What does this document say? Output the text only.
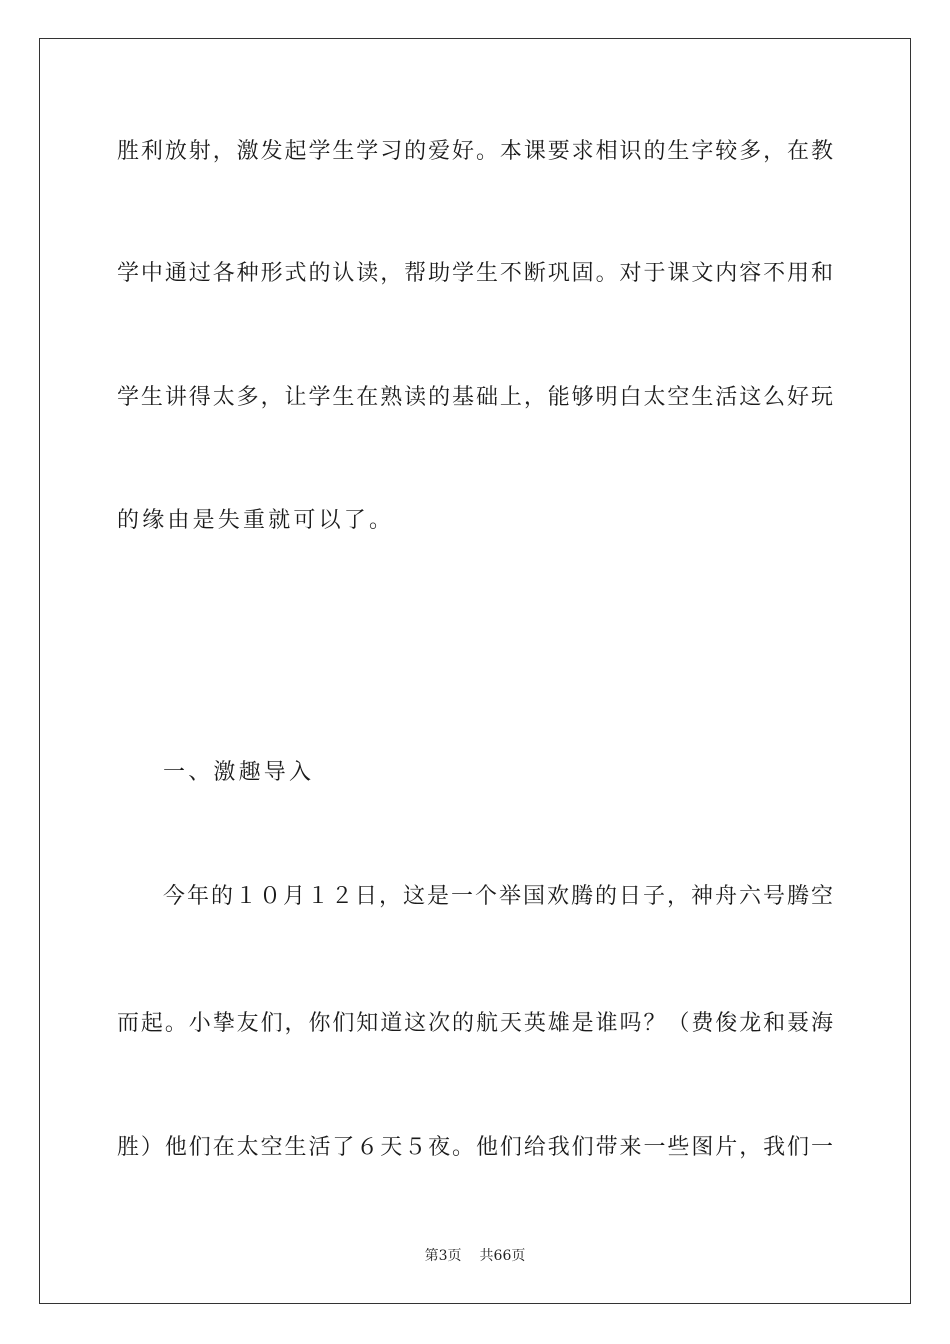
胜利放射，激发起学生学习的爱好。本课要求相识的生字较多，在教
学中通过各种形式的认读，帮助学生不断巩固。对于课文内容不用和
学生讲得太多，让学生在熟读的基础上，能够明白太空生活这么好玩
的缘由是失重就可以了。
一、激趣导入
今年的１０月１２日，这是一个举国欢腾的日子，神舟六号腾空
而起。小挚友们，你们知道这次的航天英雄是谁吗？（费俊龙和聂海
胜）他们在太空生活了６天５夜。他们给我们带来一些图片，我们一
第3页 共66页
